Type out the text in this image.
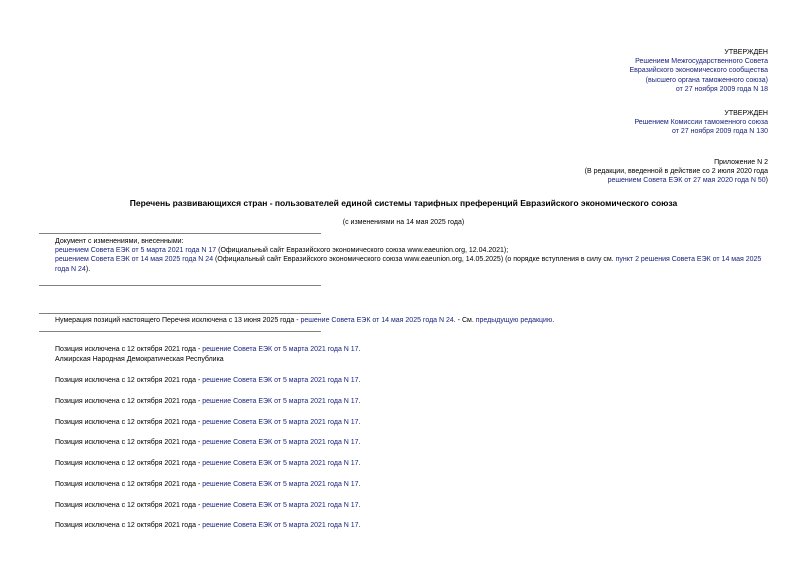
УТВЕРЖДЕН
Решением Межгосударственного Совета
Евразийского экономического сообщества
(высшего органа таможенного союза)
от 27 ноября 2009 года N 18
УТВЕРЖДЕН
Решением Комиссии таможенного союза
от 27 ноября 2009 года N 130
Приложение N 2
(В редакции, введенной в действие со 2 июля 2020 года
решением Совета ЕЭК от 27 мая 2020 года N 50)
Перечень развивающихся стран - пользователей единой системы тарифных преференций Евразийского экономического союза
(с изменениями на 14 мая 2025 года)
Документ с изменениями, внесенными:
решением Совета ЕЭК от 5 марта 2021 года N 17 (Официальный сайт Евразийского экономического союза www.eaeunion.org, 12.04.2021);
решением Совета ЕЭК от 14 мая 2025 года N 24 (Официальный сайт Евразийского экономического союза www.eaeunion.org, 14.05.2025) (о порядке вступления в силу см. пункт 2 решения Совета ЕЭК от 14 мая 2025 года N 24).
Нумерация позиций настоящего Перечня исключена с 13 июня 2025 года - решение Совета ЕЭК от 14 мая 2025 года N 24. - См. предыдущую редакцию.
Позиция исключена с 12 октября 2021 года - решение Совета ЕЭК от 5 марта 2021 года N 17.
Алжирская Народная Демократическая Республика
Позиция исключена с 12 октября 2021 года - решение Совета ЕЭК от 5 марта 2021 года N 17.
Позиция исключена с 12 октября 2021 года - решение Совета ЕЭК от 5 марта 2021 года N 17.
Позиция исключена с 12 октября 2021 года - решение Совета ЕЭК от 5 марта 2021 года N 17.
Позиция исключена с 12 октября 2021 года - решение Совета ЕЭК от 5 марта 2021 года N 17.
Позиция исключена с 12 октября 2021 года - решение Совета ЕЭК от 5 марта 2021 года N 17.
Позиция исключена с 12 октября 2021 года - решение Совета ЕЭК от 5 марта 2021 года N 17.
Позиция исключена с 12 октября 2021 года - решение Совета ЕЭК от 5 марта 2021 года N 17.
Позиция исключена с 12 октября 2021 года - решение Совета ЕЭК от 5 марта 2021 года N 17.
